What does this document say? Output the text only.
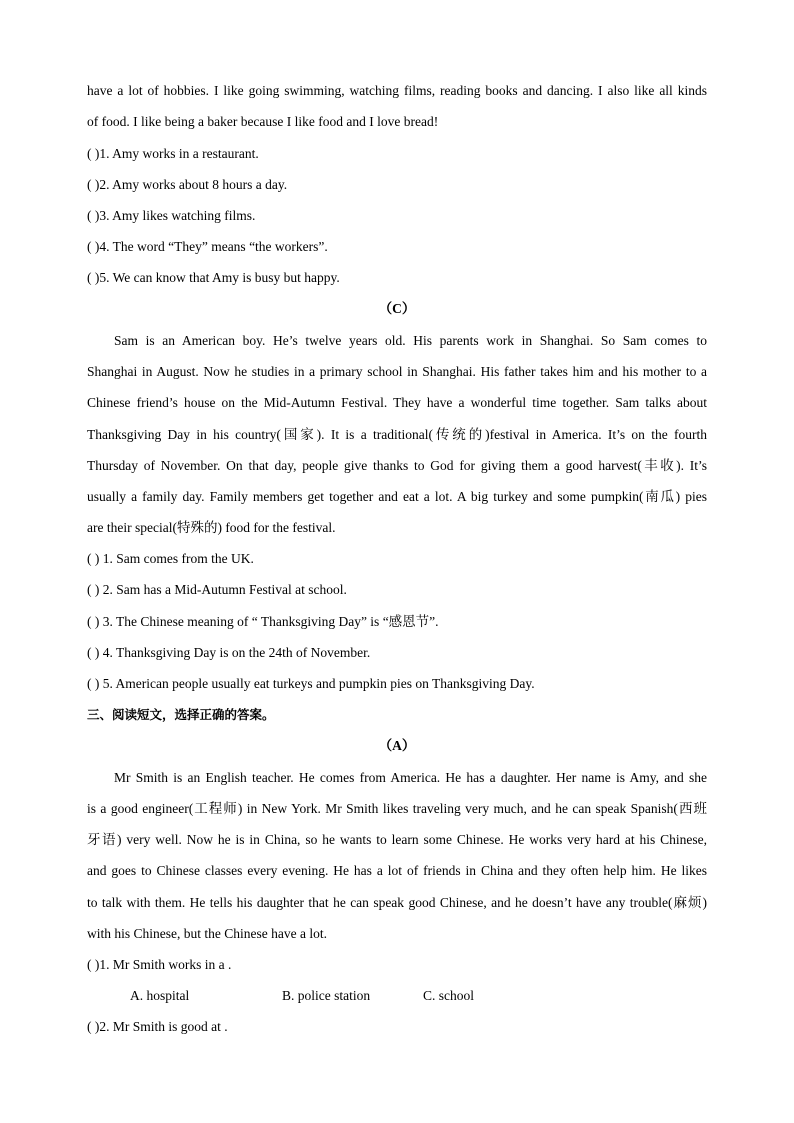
have a lot of hobbies. I like going swimming, watching films, reading books and dancing. I also like all kinds
of food. I like being a baker because I like food and I love bread!
( )1. Amy works in a restaurant.
( )2. Amy works about 8 hours a day.
( )3. Amy likes watching films.
( )4. The word “They” means “the workers”.
( )5. We can know that Amy is busy but happy.
（C）
Sam is an American boy. He’s twelve years old. His parents work in Shanghai. So Sam comes to
Shanghai in August. Now he studies in a primary school in Shanghai. His father takes him and his mother to a
Chinese friend’s house on the Mid-Autumn Festival. They have a wonderful time together. Sam talks about
Thanksgiving Day in his country(国家). It is a traditional(传统的)festival in America. It’s on the fourth
Thursday of November. On that day, people give thanks to God for giving them a good harvest(丰收). It’s
usually a family day. Family members get together and eat a lot. A big turkey and some pumpkin(南瓜) pies
are their special(特殊的) food for the festival.
( ) 1. Sam comes from the UK.
( ) 2. Sam has a Mid-Autumn Festival at school.
( ) 3. The Chinese meaning of “ Thanksgiving Day” is “感恩节”.
( ) 4. Thanksgiving Day is on the 24th of November.
( ) 5. American people usually eat turkeys and pumpkin pies on Thanksgiving Day.
三、阅读短文，选择正确的答案。
（A）
Mr Smith is an English teacher. He comes from America. He has a daughter. Her name is Amy, and she
is a good engineer(工程师) in New York. Mr Smith likes traveling very much, and he can speak Spanish(西班
牙语) very well. Now he is in China, so he wants to learn some Chinese. He works very hard at his Chinese,
and goes to Chinese classes every evening. He has a lot of friends in China and they often help him. He likes
to talk with them. He tells his daughter that he can speak good Chinese, and he doesn’t have any trouble(麻烦)
with his Chinese, but the Chinese have a lot.
( )1. Mr Smith works in a .
A. hospital	B. police station	C. school
( )2. Mr Smith is good at .
